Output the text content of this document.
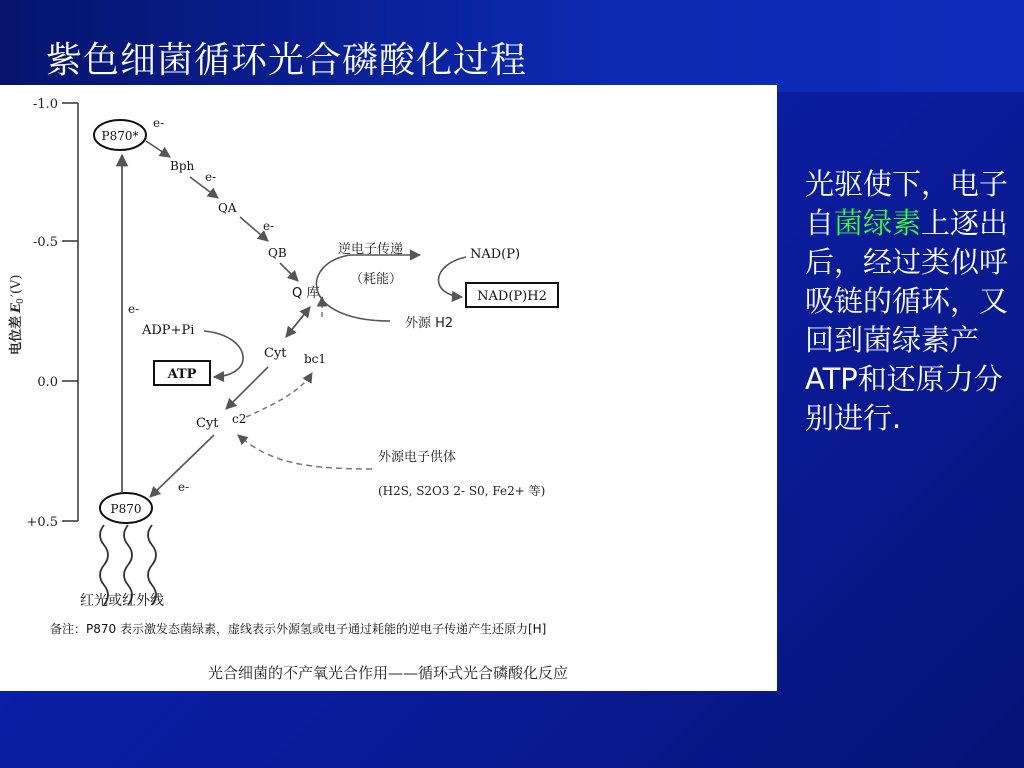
紫色细菌循环光合磷酸化过程
-1.0
-0.5
0.0
+0.5
电位差
E
0
′(V)
P870*
P870
e-
e-
Bph
e-
QA
e-
QB
Q 库
逆电子传递
（耗能）
外源 H2
NAD(P)
NAD(P)H2
Cyt bc1
ADP+Pi
ATP
Cyt c2
外源电子供体
(H2S, S2O3 2- S0, Fe2+ 等)
e-
红光或红外线
备注：P870 表示激发态菌绿素，虚线表示外源氢或电子通过耗能的逆电子传递产生还原力[H]
光合细菌的不产氧光合作用——循环式光合磷酸化反应
光驱使下，电子自菌绿素上逐出后，经过类似呼吸链的循环，又回到菌绿素产ATP和还原力分别进行.
